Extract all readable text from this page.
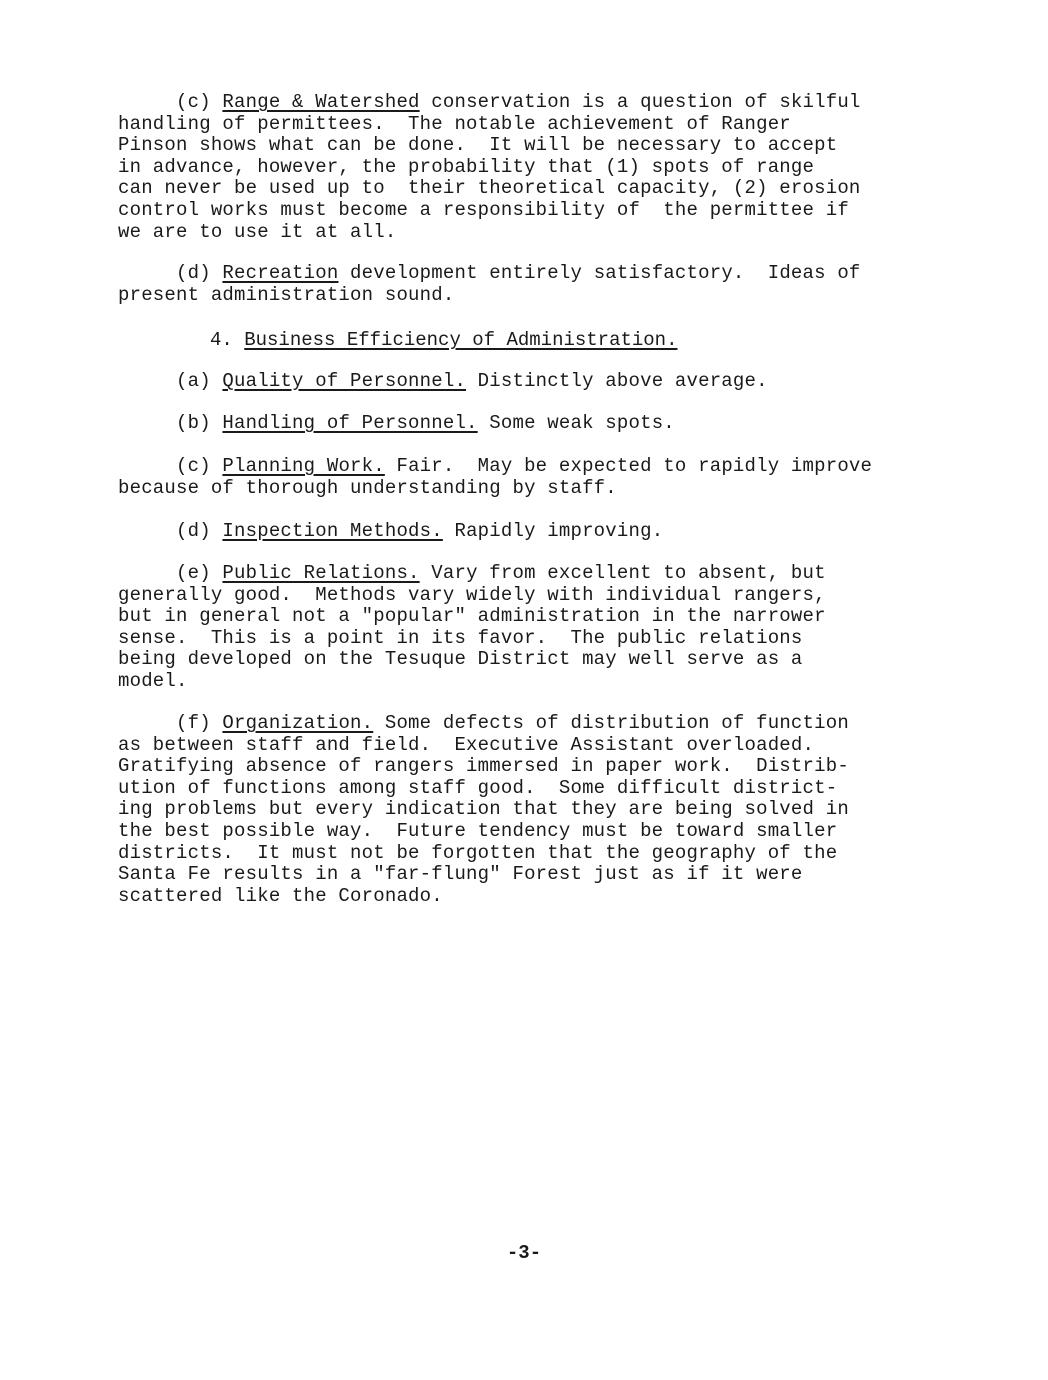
(c) Range & Watershed conservation is a question of skilful
handling of permittees.  The notable achievement of Ranger
Pinson shows what can be done.  It will be necessary to accept
in advance, however, the probability that (1) spots of range
can never be used up to  their theoretical capacity, (2) erosion
control works must become a responsibility of  the permittee if
we are to use it at all.
(d) Recreation development entirely satisfactory.  Ideas of
present administration sound.
4. Business Efficiency of Administration.
(a) Quality of Personnel. Distinctly above average.
(b) Handling of Personnel. Some weak spots.
(c) Planning Work. Fair.  May be expected to rapidly improve
because of thorough understanding by staff.
(d) Inspection Methods. Rapidly improving.
(e) Public Relations. Vary from excellent to absent, but
generally good.  Methods vary widely with individual rangers,
but in general not a "popular" administration in the narrower
sense.  This is a point in its favor.  The public relations
being developed on the Tesuque District may well serve as a
model.
(f) Organization. Some defects of distribution of function
as between staff and field.  Executive Assistant overloaded.
Gratifying absence of rangers immersed in paper work.  Distrib-
ution of functions among staff good.  Some difficult district-
ing problems but every indication that they are being solved in
the best possible way.  Future tendency must be toward smaller
districts.  It must not be forgotten that the geography of the
Santa Fe results in a "far-flung" Forest just as if it were
scattered like the Coronado.
-3-
